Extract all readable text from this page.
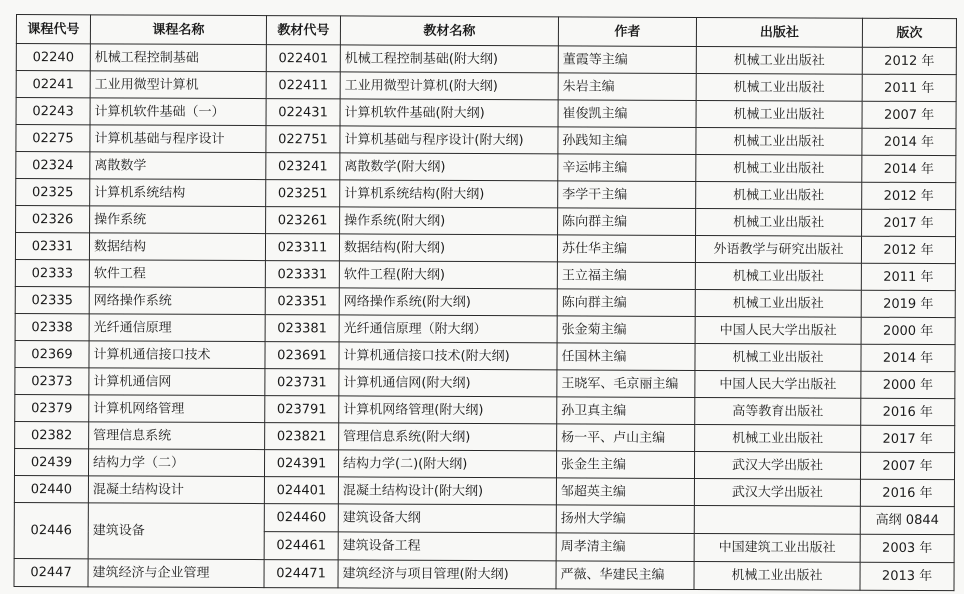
课程代号	课程名称	教材代号	教材名称	作者	出版社	版次
02240	机械工程控制基础	022401	机械工程控制基础(附大纲)	董霞等主编	机械工业出版社	2012 年
02241	工业用微型计算机	022411	工业用微型计算机(附大纲)	朱岩主编	机械工业出版社	2011 年
02243	计算机软件基础（一）	022431	计算机软件基础(附大纲)	崔俊凯主编	机械工业出版社	2007 年
02275	计算机基础与程序设计	022751	计算机基础与程序设计(附大纲)	孙践知主编	机械工业出版社	2014 年
02324	离散数学	023241	离散数学(附大纲)	辛运帏主编	机械工业出版社	2014 年
02325	计算机系统结构	023251	计算机系统结构(附大纲)	李学干主编	机械工业出版社	2012 年
02326	操作系统	023261	操作系统(附大纲)	陈向群主编	机械工业出版社	2017 年
02331	数据结构	023311	数据结构(附大纲)	苏仕华主编	外语教学与研究出版社	2012 年
02333	软件工程	023331	软件工程(附大纲)	王立福主编	机械工业出版社	2011 年
02335	网络操作系统	023351	网络操作系统(附大纲)	陈向群主编	机械工业出版社	2019 年
02338	光纤通信原理	023381	光纤通信原理（附大纲）	张金菊主编	中国人民大学出版社	2000 年
02369	计算机通信接口技术	023691	计算机通信接口技术(附大纲)	任国林主编	机械工业出版社	2014 年
02373	计算机通信网	023731	计算机通信网(附大纲)	王晓军、毛京丽主编	中国人民大学出版社	2000 年
02379	计算机网络管理	023791	计算机网络管理(附大纲)	孙卫真主编	高等教育出版社	2016 年
02382	管理信息系统	023821	管理信息系统(附大纲)	杨一平、卢山主编	机械工业出版社	2017 年
02439	结构力学（二）	024391	结构力学(二)(附大纲)	张金生主编	武汉大学出版社	2007 年
02440	混凝土结构设计	024401	混凝土结构设计(附大纲)	邹超英主编	武汉大学出版社	2016 年
02446	建筑设备	024460	建筑设备大纲	扬州大学编		高纲 0844
		024461	建筑设备工程	周孝清主编	中国建筑工业出版社	2003 年
02447	建筑经济与企业管理	024471	建筑经济与项目管理(附大纲)	严薇、华建民主编	机械工业出版社	2013 年
